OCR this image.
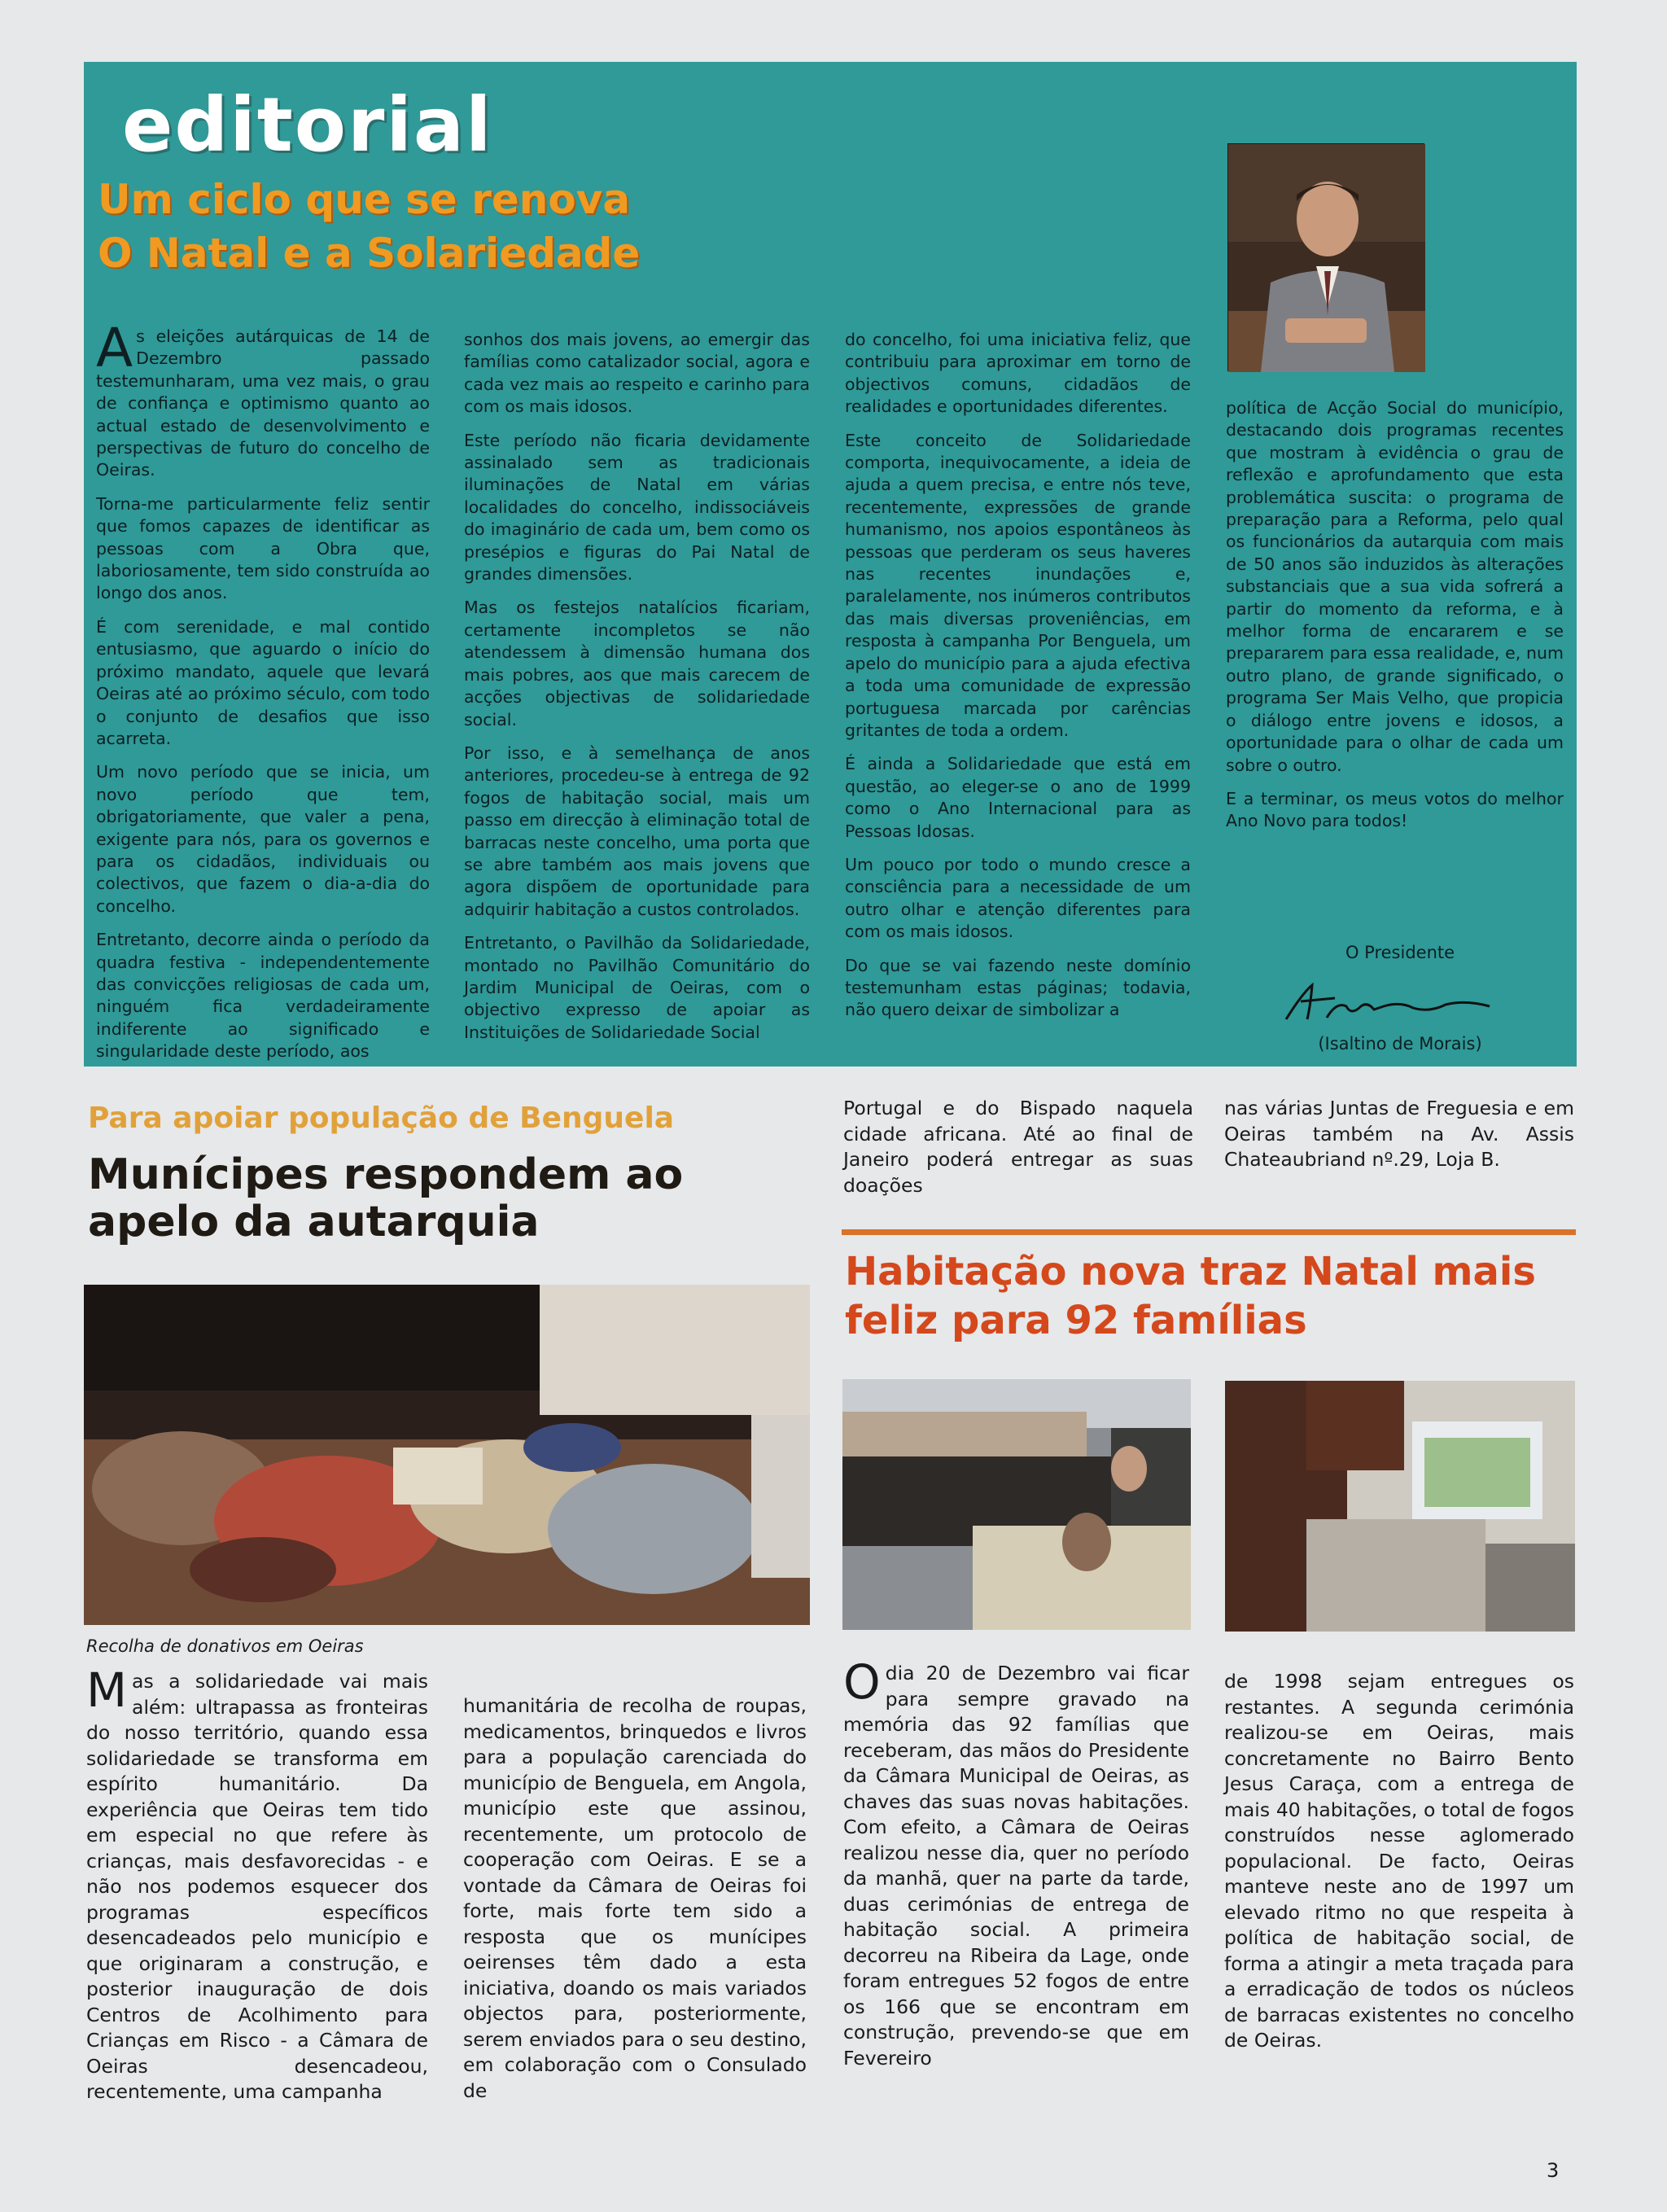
editorial
Um ciclo que se renova
O Natal e a Solariedade

As eleições autárquicas de 14 de Dezembro passado testemunharam, uma vez mais, o grau de confiança e optimismo quanto ao actual estado de desenvolvimento e perspectivas de futuro do concelho de Oeiras.

Torna-me particularmente feliz sentir que fomos capazes de identificar as pessoas com a Obra que, laboriosamente, tem sido construída ao longo dos anos.

É com serenidade, e mal contido entusiasmo, que aguardo o início do próximo mandato, aquele que levará Oeiras até ao próximo século, com todo o conjunto de desafios que isso acarreta.

Um novo período que se inicia, um novo período que tem, obrigatoriamente, que valer a pena, exigente para nós, para os governos e para os cidadãos, individuais ou colectivos, que fazem o dia-a-dia do concelho.

Entretanto, decorre ainda o período da quadra festiva - independentemente das convicções religiosas de cada um, ninguém fica verdadeiramente indiferente ao significado e singularidade deste período, aos

sonhos dos mais jovens, ao emergir das famílias como catalizador social, agora e cada vez mais ao respeito e carinho para com os mais idosos.

Este período não ficaria devidamente assinalado sem as tradicionais iluminações de Natal em várias localidades do concelho, indissociáveis do imaginário de cada um, bem como os presépios e figuras do Pai Natal de grandes dimensões.

Mas os festejos natalícios ficariam, certamente incompletos se não atendessem à dimensão humana dos mais pobres, aos que mais carecem de acções objectivas de solidariedade social.

Por isso, e à semelhança de anos anteriores, procedeu-se à entrega de 92 fogos de habitação social, mais um passo em direcção à eliminação total de barracas neste concelho, uma porta que se abre também aos mais jovens que agora dispõem de oportunidade para adquirir habitação a custos controlados.

Entretanto, o Pavilhão da Solidariedade, montado no Pavilhão Comunitário do Jardim Municipal de Oeiras, com o objectivo expresso de apoiar as Instituições de Solidariedade Social

do concelho, foi uma iniciativa feliz, que contribuiu para aproximar em torno de objectivos comuns, cidadãos de realidades e oportunidades diferentes.

Este conceito de Solidariedade comporta, inequivocamente, a ideia de ajuda a quem precisa, e entre nós teve, recentemente, expressões de grande humanismo, nos apoios espontâneos às pessoas que perderam os seus haveres nas recentes inundações e, paralelamente, nos inúmeros contributos das mais diversas proveniências, em resposta à campanha Por Benguela, um apelo do município para a ajuda efectiva a toda uma comunidade de expressão portuguesa marcada por carências gritantes de toda a ordem.

É ainda a Solidariedade que está em questão, ao eleger-se o ano de 1999 como o Ano Internacional para as Pessoas Idosas.

Um pouco por todo o mundo cresce a consciência para a necessidade de um outro olhar e atenção diferentes para com os mais idosos.

Do que se vai fazendo neste domínio testemunham estas páginas; todavia, não quero deixar de simbolizar a

política de Acção Social do município, destacando dois programas recentes que mostram à evidência o grau de reflexão e aprofundamento que esta problemática suscita: o programa de preparação para a Reforma, pelo qual os funcionários da autarquia com mais de 50 anos são induzidos às alterações substanciais que a sua vida sofrerá a partir do momento da reforma, e à melhor forma de encararem e se prepararem para essa realidade, e, num outro plano, de grande significado, o programa Ser Mais Velho, que propicia o diálogo entre jovens e idosos, a oportunidade para o olhar de cada um sobre o outro.

E a terminar, os meus votos do melhor Ano Novo para todos!

O Presidente
(Isaltino de Morais)
Para apoiar população de Benguela
Munícipes respondem ao apelo da autarquia
Recolha de donativos em Oeiras
Mas a solidariedade vai mais além: ultrapassa as fronteiras do nosso território, quando essa solidariedade se transforma em espírito humanitário. Da experiência que Oeiras tem tido em especial no que refere às crianças, mais desfavorecidas - e não nos podemos esquecer dos programas específicos desencadeados pelo município e que originaram a construção, e posterior inauguração de dois Centros de Acolhimento para Crianças em Risco - a Câmara de Oeiras desencadeou, recentemente, uma campanha
humanitária de recolha de roupas, medicamentos, brinquedos e livros para a população carenciada do município de Benguela, em Angola, município este que assinou, recentemente, um protocolo de cooperação com Oeiras. E se a vontade da Câmara de Oeiras foi forte, mais forte tem sido a resposta que os munícipes oeirenses têm dado a esta iniciativa, doando os mais variados objectos para, posteriormente, serem enviados para o seu destino, em colaboração com o Consulado de
Portugal e do Bispado naquela cidade africana. Até ao final de Janeiro poderá entregar as suas doações
nas várias Juntas de Freguesia e em Oeiras também na Av. Assis Chateaubriand nº.29, Loja B.
Habitação nova traz Natal mais feliz para 92 famílias
Odia 20 de Dezembro vai ficar para sempre gravado na memória das 92 famílias que receberam, das mãos do Presidente da Câmara Municipal de Oeiras, as chaves das suas novas habitações. Com efeito, a Câmara de Oeiras realizou nesse dia, quer no período da manhã, quer na parte da tarde, duas cerimónias de entrega de habitação social. A primeira decorreu na Ribeira da Lage, onde foram entregues 52 fogos de entre os 166 que se encontram em construção, prevendo-se que em Fevereiro
de 1998 sejam entregues os restantes. A segunda cerimónia realizou-se em Oeiras, mais concretamente no Bairro Bento Jesus Caraça, com a entrega de mais 40 habitações, o total de fogos construídos nesse aglomerado populacional. De facto, Oeiras manteve neste ano de 1997 um elevado ritmo no que respeita à política de habitação social, de forma a atingir a meta traçada para a erradicação de todos os núcleos de barracas existentes no concelho de Oeiras.
3
